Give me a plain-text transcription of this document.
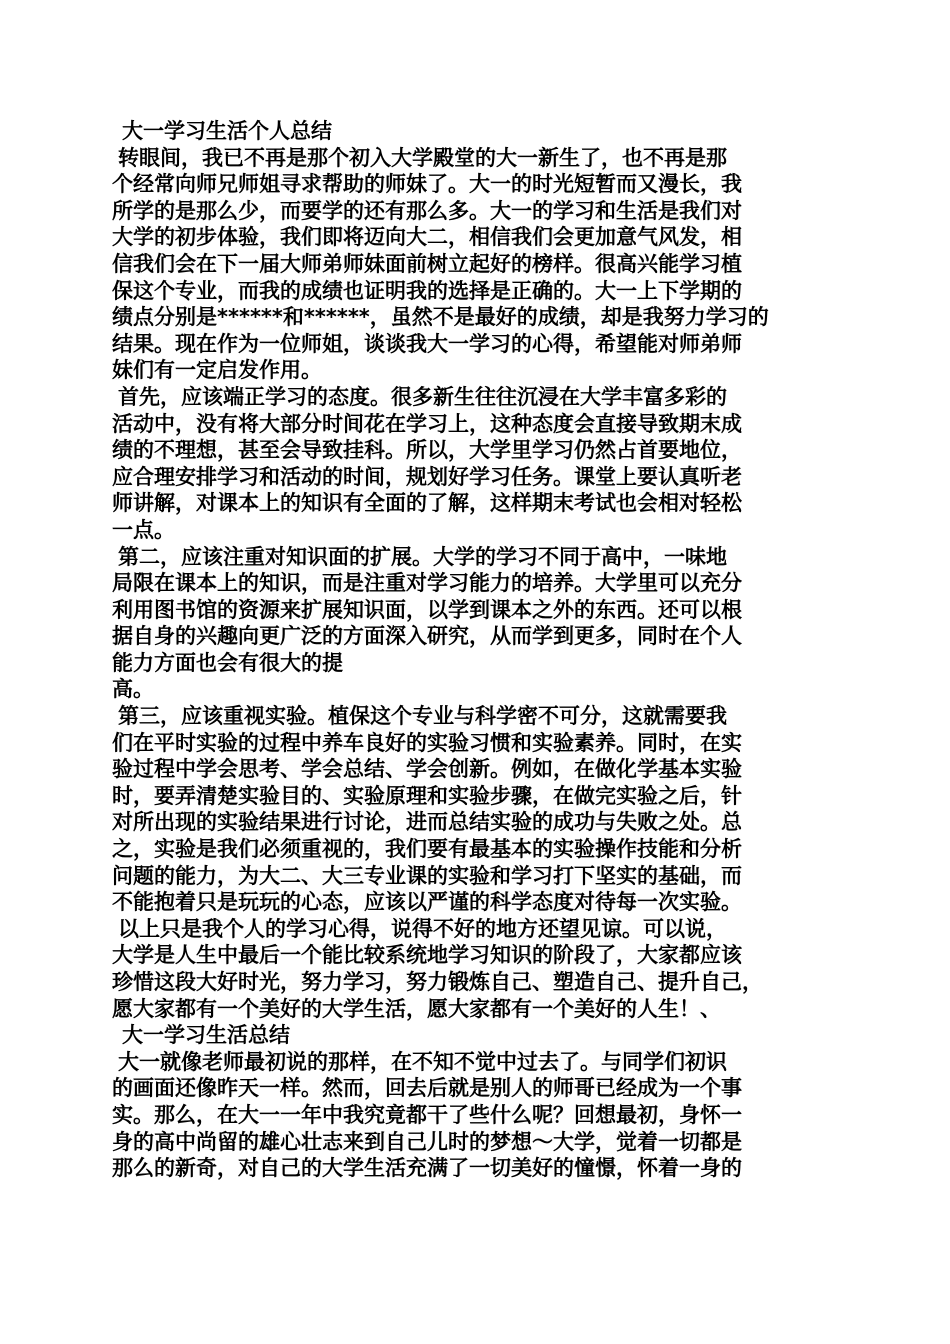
大一学习生活个人总结
转眼间，我已不再是那个初入大学殿堂的大一新生了，也不再是那
个经常向师兄师姐寻求帮助的师妹了。大一的时光短暂而又漫长，我
所学的是那么少，而要学的还有那么多。大一的学习和生活是我们对
大学的初步体验，我们即将迈向大二，相信我们会更加意气风发，相
信我们会在下一届大师弟师妹面前树立起好的榜样。很高兴能学习植
保这个专业，而我的成绩也证明我的选择是正确的。大一上下学期的
绩点分别是******和******，虽然不是最好的成绩，却是我努力学习的
结果。现在作为一位师姐，谈谈我大一学习的心得，希望能对师弟师
妹们有一定启发作用。
首先，应该端正学习的态度。很多新生往往沉浸在大学丰富多彩的
活动中，没有将大部分时间花在学习上，这种态度会直接导致期末成
绩的不理想，甚至会导致挂科。所以，大学里学习仍然占首要地位，
应合理安排学习和活动的时间，规划好学习任务。课堂上要认真听老
师讲解，对课本上的知识有全面的了解，这样期末考试也会相对轻松
一点。
第二，应该注重对知识面的扩展。大学的学习不同于高中，一味地
局限在课本上的知识，而是注重对学习能力的培养。大学里可以充分
利用图书馆的资源来扩展知识面，以学到课本之外的东西。还可以根
据自身的兴趣向更广泛的方面深入研究，从而学到更多，同时在个人
能力方面也会有很大的提
高。
第三，应该重视实验。植保这个专业与科学密不可分，这就需要我
们在平时实验的过程中养车良好的实验习惯和实验素养。同时，在实
验过程中学会思考、学会总结、学会创新。例如，在做化学基本实验
时，要弄清楚实验目的、实验原理和实验步骤，在做完实验之后，针
对所出现的实验结果进行讨论，进而总结实验的成功与失败之处。总
之，实验是我们必须重视的，我们要有最基本的实验操作技能和分析
问题的能力，为大二、大三专业课的实验和学习打下坚实的基础，而
不能抱着只是玩玩的心态，应该以严谨的科学态度对待每一次实验。
以上只是我个人的学习心得，说得不好的地方还望见谅。可以说，
大学是人生中最后一个能比较系统地学习知识的阶段了，大家都应该
珍惜这段大好时光，努力学习，努力锻炼自己、塑造自己、提升自己，
愿大家都有一个美好的大学生活，愿大家都有一个美好的人生！、
大一学习生活总结
大一就像老师最初说的那样，在不知不觉中过去了。与同学们初识
的画面还像昨天一样。然而，回去后就是别人的师哥已经成为一个事
实。那么，在大一一年中我究竟都干了些什么呢？回想最初，身怀一
身的高中尚留的雄心壮志来到自己儿时的梦想～大学，觉着一切都是
那么的新奇，对自己的大学生活充满了一切美好的憧憬，怀着一身的
